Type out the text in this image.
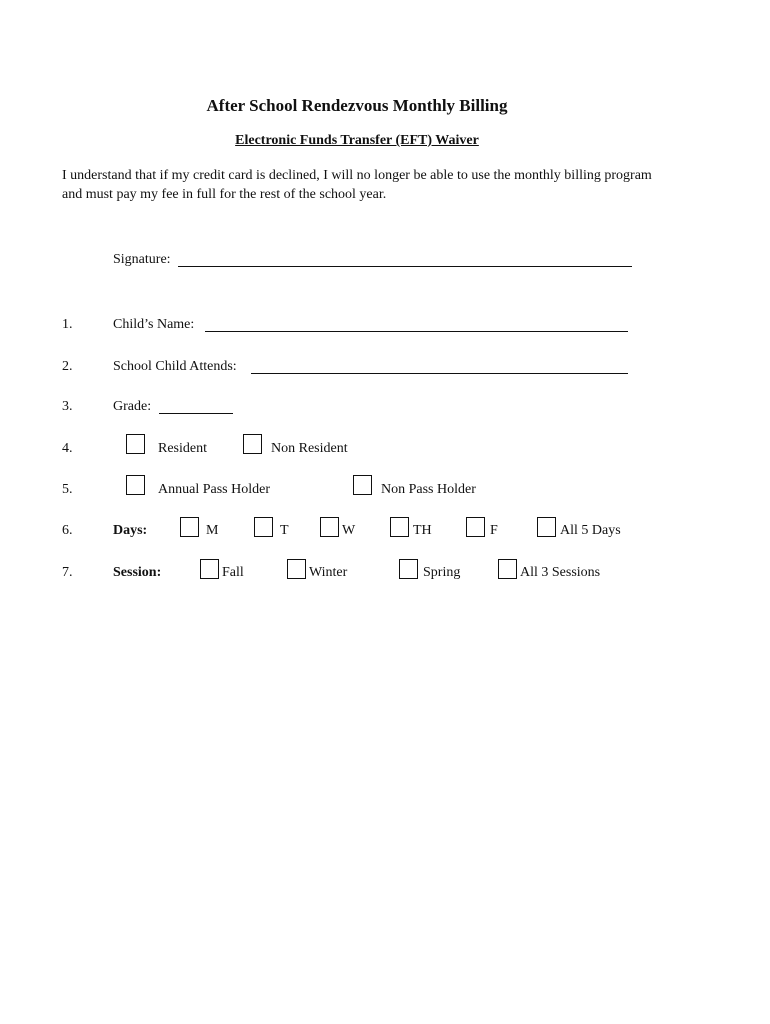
After School Rendezvous Monthly Billing
Electronic Funds Transfer (EFT) Waiver
I understand that if my credit card is declined, I will no longer be able to use the monthly billing program and must pay my fee in full for the rest of the school year.
Signature:
1.	Child’s Name:
2.	School Child Attends:
3.	Grade:
4.	Resident	Non Resident
5.	Annual Pass Holder	Non Pass Holder
6.	Days:	M	T	W	TH	F	All 5 Days
7.	Session:	Fall	Winter	Spring	All 3 Sessions
